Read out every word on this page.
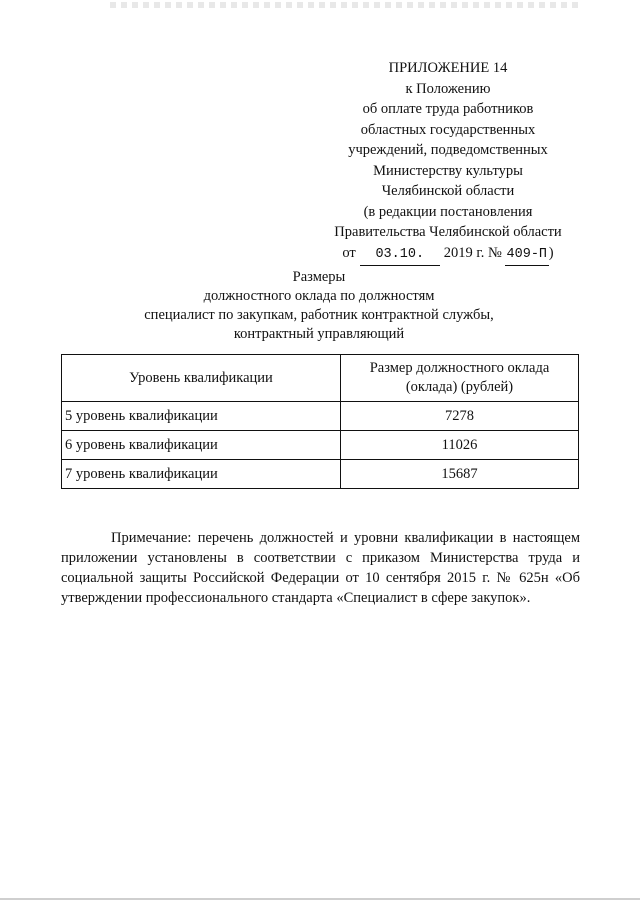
ПРИЛОЖЕНИЕ 14
к Положению
об оплате труда работников
областных государственных
учреждений, подведомственных
Министерству культуры
Челябинской области
(в редакции постановления
Правительства Челябинской области
от 03.10. 2019 г. № 409-П )
Размеры
должностного оклада по должностям
специалист по закупкам, работник контрактной службы,
контрактный управляющий
Уровень квалификации	Размер должностного оклада (оклада) (рублей)
5 уровень квалификации	7278
6 уровень квалификации	11026
7 уровень квалификации	15687
Примечание: перечень должностей и уровни квалификации в настоящем приложении установлены в соответствии с приказом Министерства труда и социальной защиты Российской Федерации от 10 сентября 2015 г. № 625н «Об утверждении профессионального стандарта «Специалист в сфере закупок».
